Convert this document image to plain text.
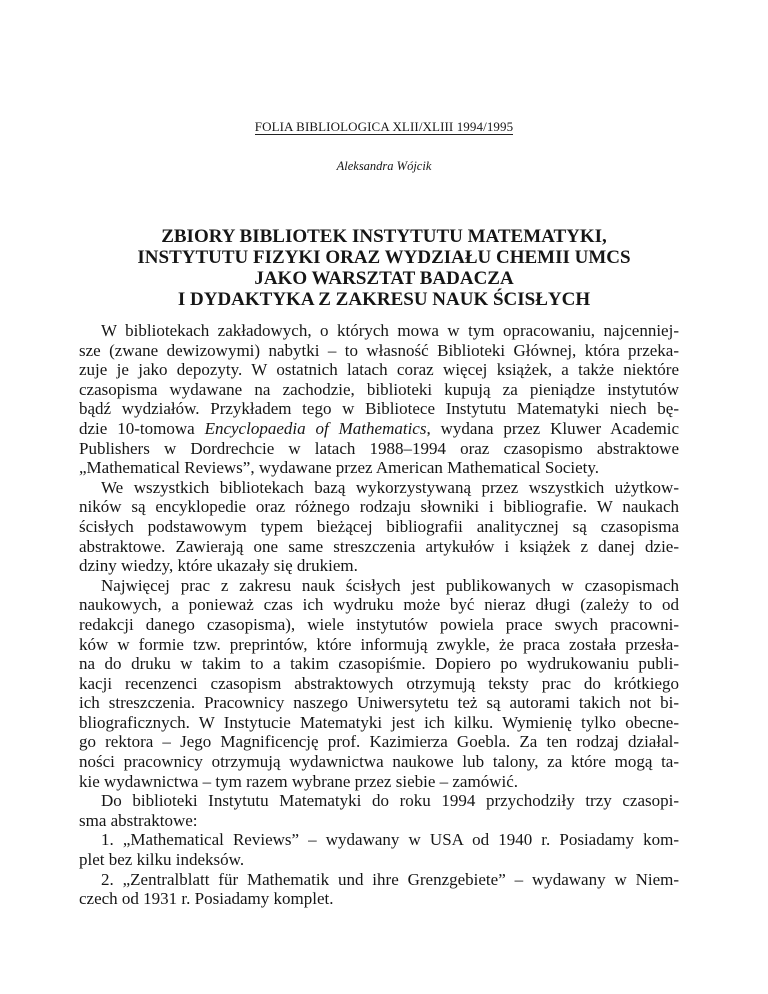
FOLIA BIBLIOLOGICA XLII/XLIII 1994/1995
Aleksandra Wójcik
ZBIORY BIBLIOTEK INSTYTUTU MATEMATYKI,
INSTYTUTU FIZYKI ORAZ WYDZIAŁU CHEMII UMCS
JAKO WARSZTAT BADACZA
I DYDAKTYKA Z ZAKRESU NAUK ŚCISŁYCH
W bibliotekach zakładowych, o których mowa w tym opracowaniu, najcenniej-
sze (zwane dewizowymi) nabytki – to własność Biblioteki Głównej, która przeka-
zuje je jako depozyty. W ostatnich latach coraz więcej książek, a także niektóre
czasopisma wydawane na zachodzie, biblioteki kupują za pieniądze instytutów
bądź wydziałów. Przykładem tego w Bibliotece Instytutu Matematyki niech bę-
dzie 10-tomowa Encyclopaedia of Mathematics, wydana przez Kluwer Academic
Publishers w Dordrechcie w latach 1988–1994 oraz czasopismo abstraktowe
„Mathematical Reviews”, wydawane przez American Mathematical Society.
We wszystkich bibliotekach bazą wykorzystywaną przez wszystkich użytkow-
ników są encyklopedie oraz różnego rodzaju słowniki i bibliografie. W naukach
ścisłych podstawowym typem bieżącej bibliografii analitycznej są czasopisma
abstraktowe. Zawierają one same streszczenia artykułów i książek z danej dzie-
dziny wiedzy, które ukazały się drukiem.
Najwięcej prac z zakresu nauk ścisłych jest publikowanych w czasopismach
naukowych, a ponieważ czas ich wydruku może być nieraz długi (zależy to od
redakcji danego czasopisma), wiele instytutów powiela prace swych pracowni-
ków w formie tzw. preprintów, które informują zwykle, że praca została przesła-
na do druku w takim to a takim czasopiśmie. Dopiero po wydrukowaniu publi-
kacji recenzenci czasopism abstraktowych otrzymują teksty prac do krótkiego
ich streszczenia. Pracownicy naszego Uniwersytetu też są autorami takich not bi-
bliograficznych. W Instytucie Matematyki jest ich kilku. Wymienię tylko obecne-
go rektora – Jego Magnificencję prof. Kazimierza Goebla. Za ten rodzaj działal-
ności pracownicy otrzymują wydawnictwa naukowe lub talony, za które mogą ta-
kie wydawnictwa – tym razem wybrane przez siebie – zamówić.
Do biblioteki Instytutu Matematyki do roku 1994 przychodziły trzy czasopi-
sma abstraktowe:
1. „Mathematical Reviews” – wydawany w USA od 1940 r. Posiadamy kom-
plet bez kilku indeksów.
2. „Zentralblatt für Mathematik und ihre Grenzgebiete” – wydawany w Niem-
czech od 1931 r. Posiadamy komplet.
